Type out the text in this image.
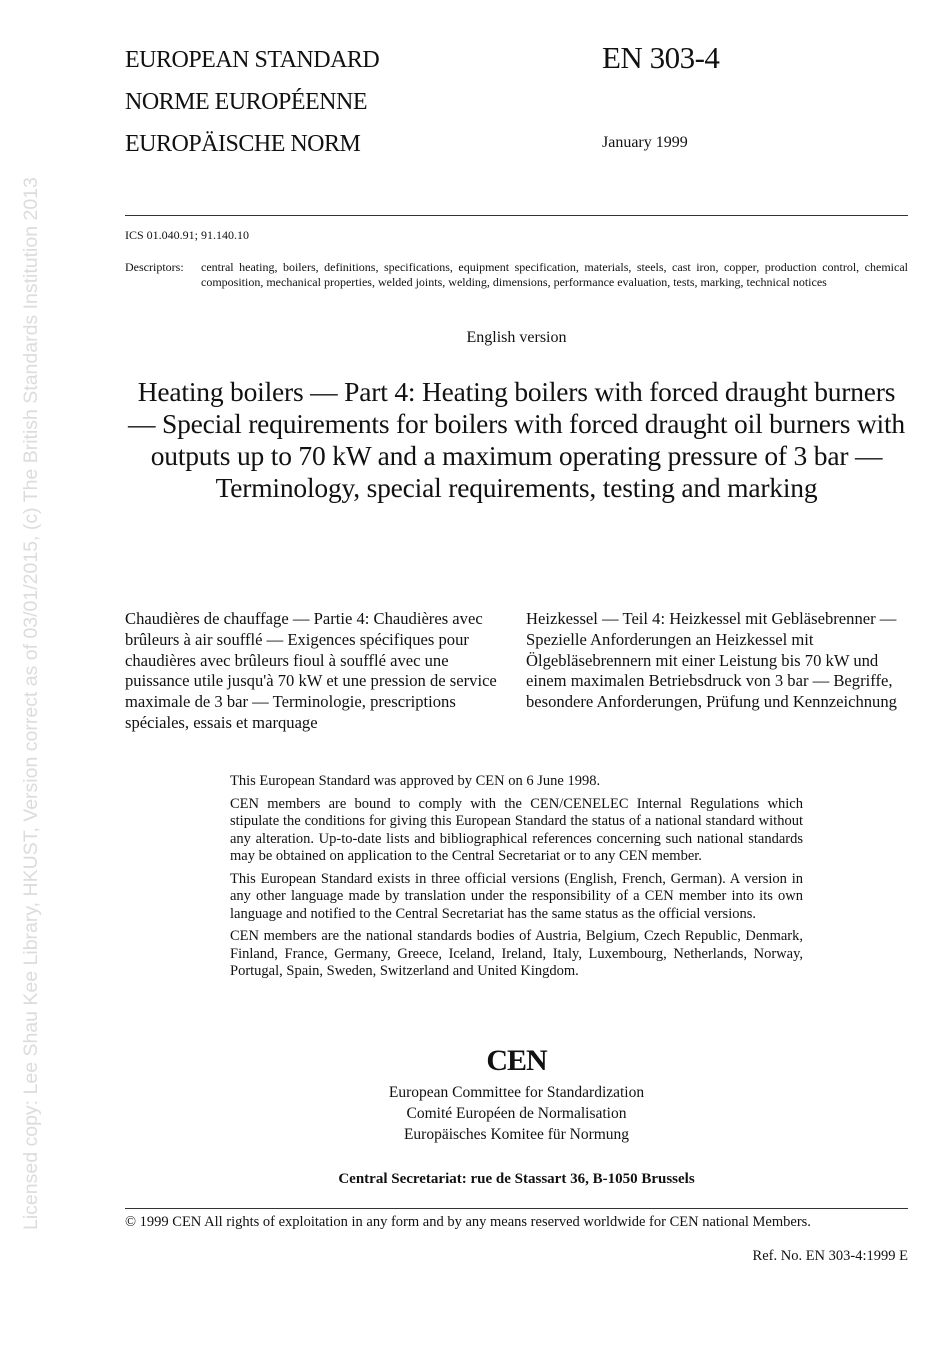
EUROPEAN STANDARD
NORME EUROPÉENNE
EUROPÄISCHE NORM
EN 303-4
January 1999
ICS 01.040.91; 91.140.10
Descriptors: central heating, boilers, definitions, specifications, equipment specification, materials, steels, cast iron, copper, production control, chemical composition, mechanical properties, welded joints, welding, dimensions, performance evaluation, tests, marking, technical notices
English version
Heating boilers — Part 4: Heating boilers with forced draught burners — Special requirements for boilers with forced draught oil burners with outputs up to 70 kW and a maximum operating pressure of 3 bar — Terminology, special requirements, testing and marking
Chaudières de chauffage — Partie 4: Chaudières avec brûleurs à air soufflé — Exigences spécifiques pour chaudières avec brûleurs fioul à soufflé avec une puissance utile jusqu'à 70 kW et une pression de service maximale de 3 bar — Terminologie, prescriptions spéciales, essais et marquage
Heizkessel — Teil 4: Heizkessel mit Gebläsebrenner — Spezielle Anforderungen an Heizkessel mit Ölgebläsebrennern mit einer Leistung bis 70 kW und einem maximalen Betriebsdruck von 3 bar — Begriffe, besondere Anforderungen, Prüfung und Kennzeichnung

This European Standard was approved by CEN on 6 June 1998.

CEN members are bound to comply with the CEN/CENELEC Internal Regulations which stipulate the conditions for giving this European Standard the status of a national standard without any alteration. Up-to-date lists and bibliographical references concerning such national standards may be obtained on application to the Central Secretariat or to any CEN member.

This European Standard exists in three official versions (English, French, German). A version in any other language made by translation under the responsibility of a CEN member into its own language and notified to the Central Secretariat has the same status as the official versions.

CEN members are the national standards bodies of Austria, Belgium, Czech Republic, Denmark, Finland, France, Germany, Greece, Iceland, Ireland, Italy, Luxembourg, Netherlands, Norway, Portugal, Spain, Sweden, Switzerland and United Kingdom.

CEN
European Committee for Standardization
Comité Européen de Normalisation
Europäisches Komitee für Normung
Central Secretariat: rue de Stassart 36, B-1050 Brussels
© 1999 CEN All rights of exploitation in any form and by any means reserved worldwide for CEN national Members.
Ref. No. EN 303-4:1999 E
Licensed copy: Lee Shau Kee Library, HKUST, Version correct as of 03/01/2015, (c) The British Standards Institution 2013
